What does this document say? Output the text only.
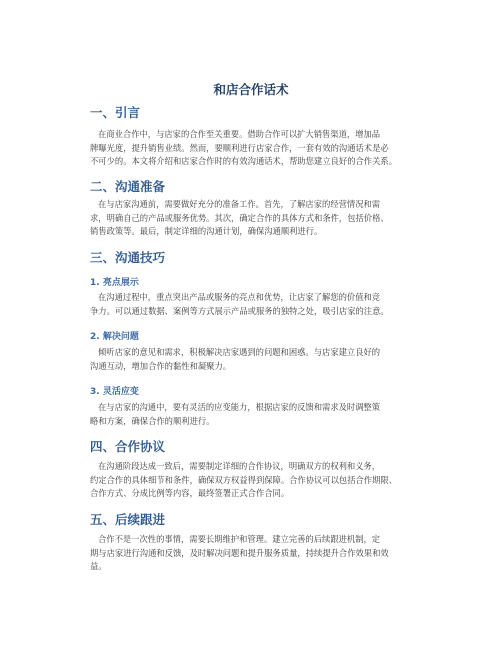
和店合作话术
一、引言
在商业合作中，与店家的合作至关重要。借助合作可以扩大销售渠道，增加品
牌曝光度，提升销售业绩。然而，要顺利进行店家合作，一套有效的沟通话术是必
不可少的。本文将介绍和店家合作时的有效沟通话术，帮助您建立良好的合作关系。
二、沟通准备
在与店家沟通前，需要做好充分的准备工作。首先，了解店家的经营情况和需
求，明确自己的产品或服务优势。其次，确定合作的具体方式和条件，包括价格、
销售政策等。最后，制定详细的沟通计划，确保沟通顺利进行。
三、沟通技巧
1. 亮点展示
在沟通过程中，重点突出产品或服务的亮点和优势，让店家了解您的价值和竞
争力。可以通过数据、案例等方式展示产品或服务的独特之处，吸引店家的注意。
2. 解决问题
倾听店家的意见和需求，积极解决店家遇到的问题和困惑。与店家建立良好的
沟通互动，增加合作的黏性和凝聚力。
3. 灵活应变
在与店家的沟通中，要有灵活的应变能力，根据店家的反馈和需求及时调整策
略和方案，确保合作的顺利进行。
四、合作协议
在沟通阶段达成一致后，需要制定详细的合作协议，明确双方的权利和义务，
约定合作的具体细节和条件，确保双方权益得到保障。合作协议可以包括合作期限、
合作方式、分成比例等内容，最终签署正式合作合同。
五、后续跟进
合作不是一次性的事情，需要长期维护和管理。建立完善的后续跟进机制，定
期与店家进行沟通和反馈，及时解决问题和提升服务质量，持续提升合作效果和效
益。
